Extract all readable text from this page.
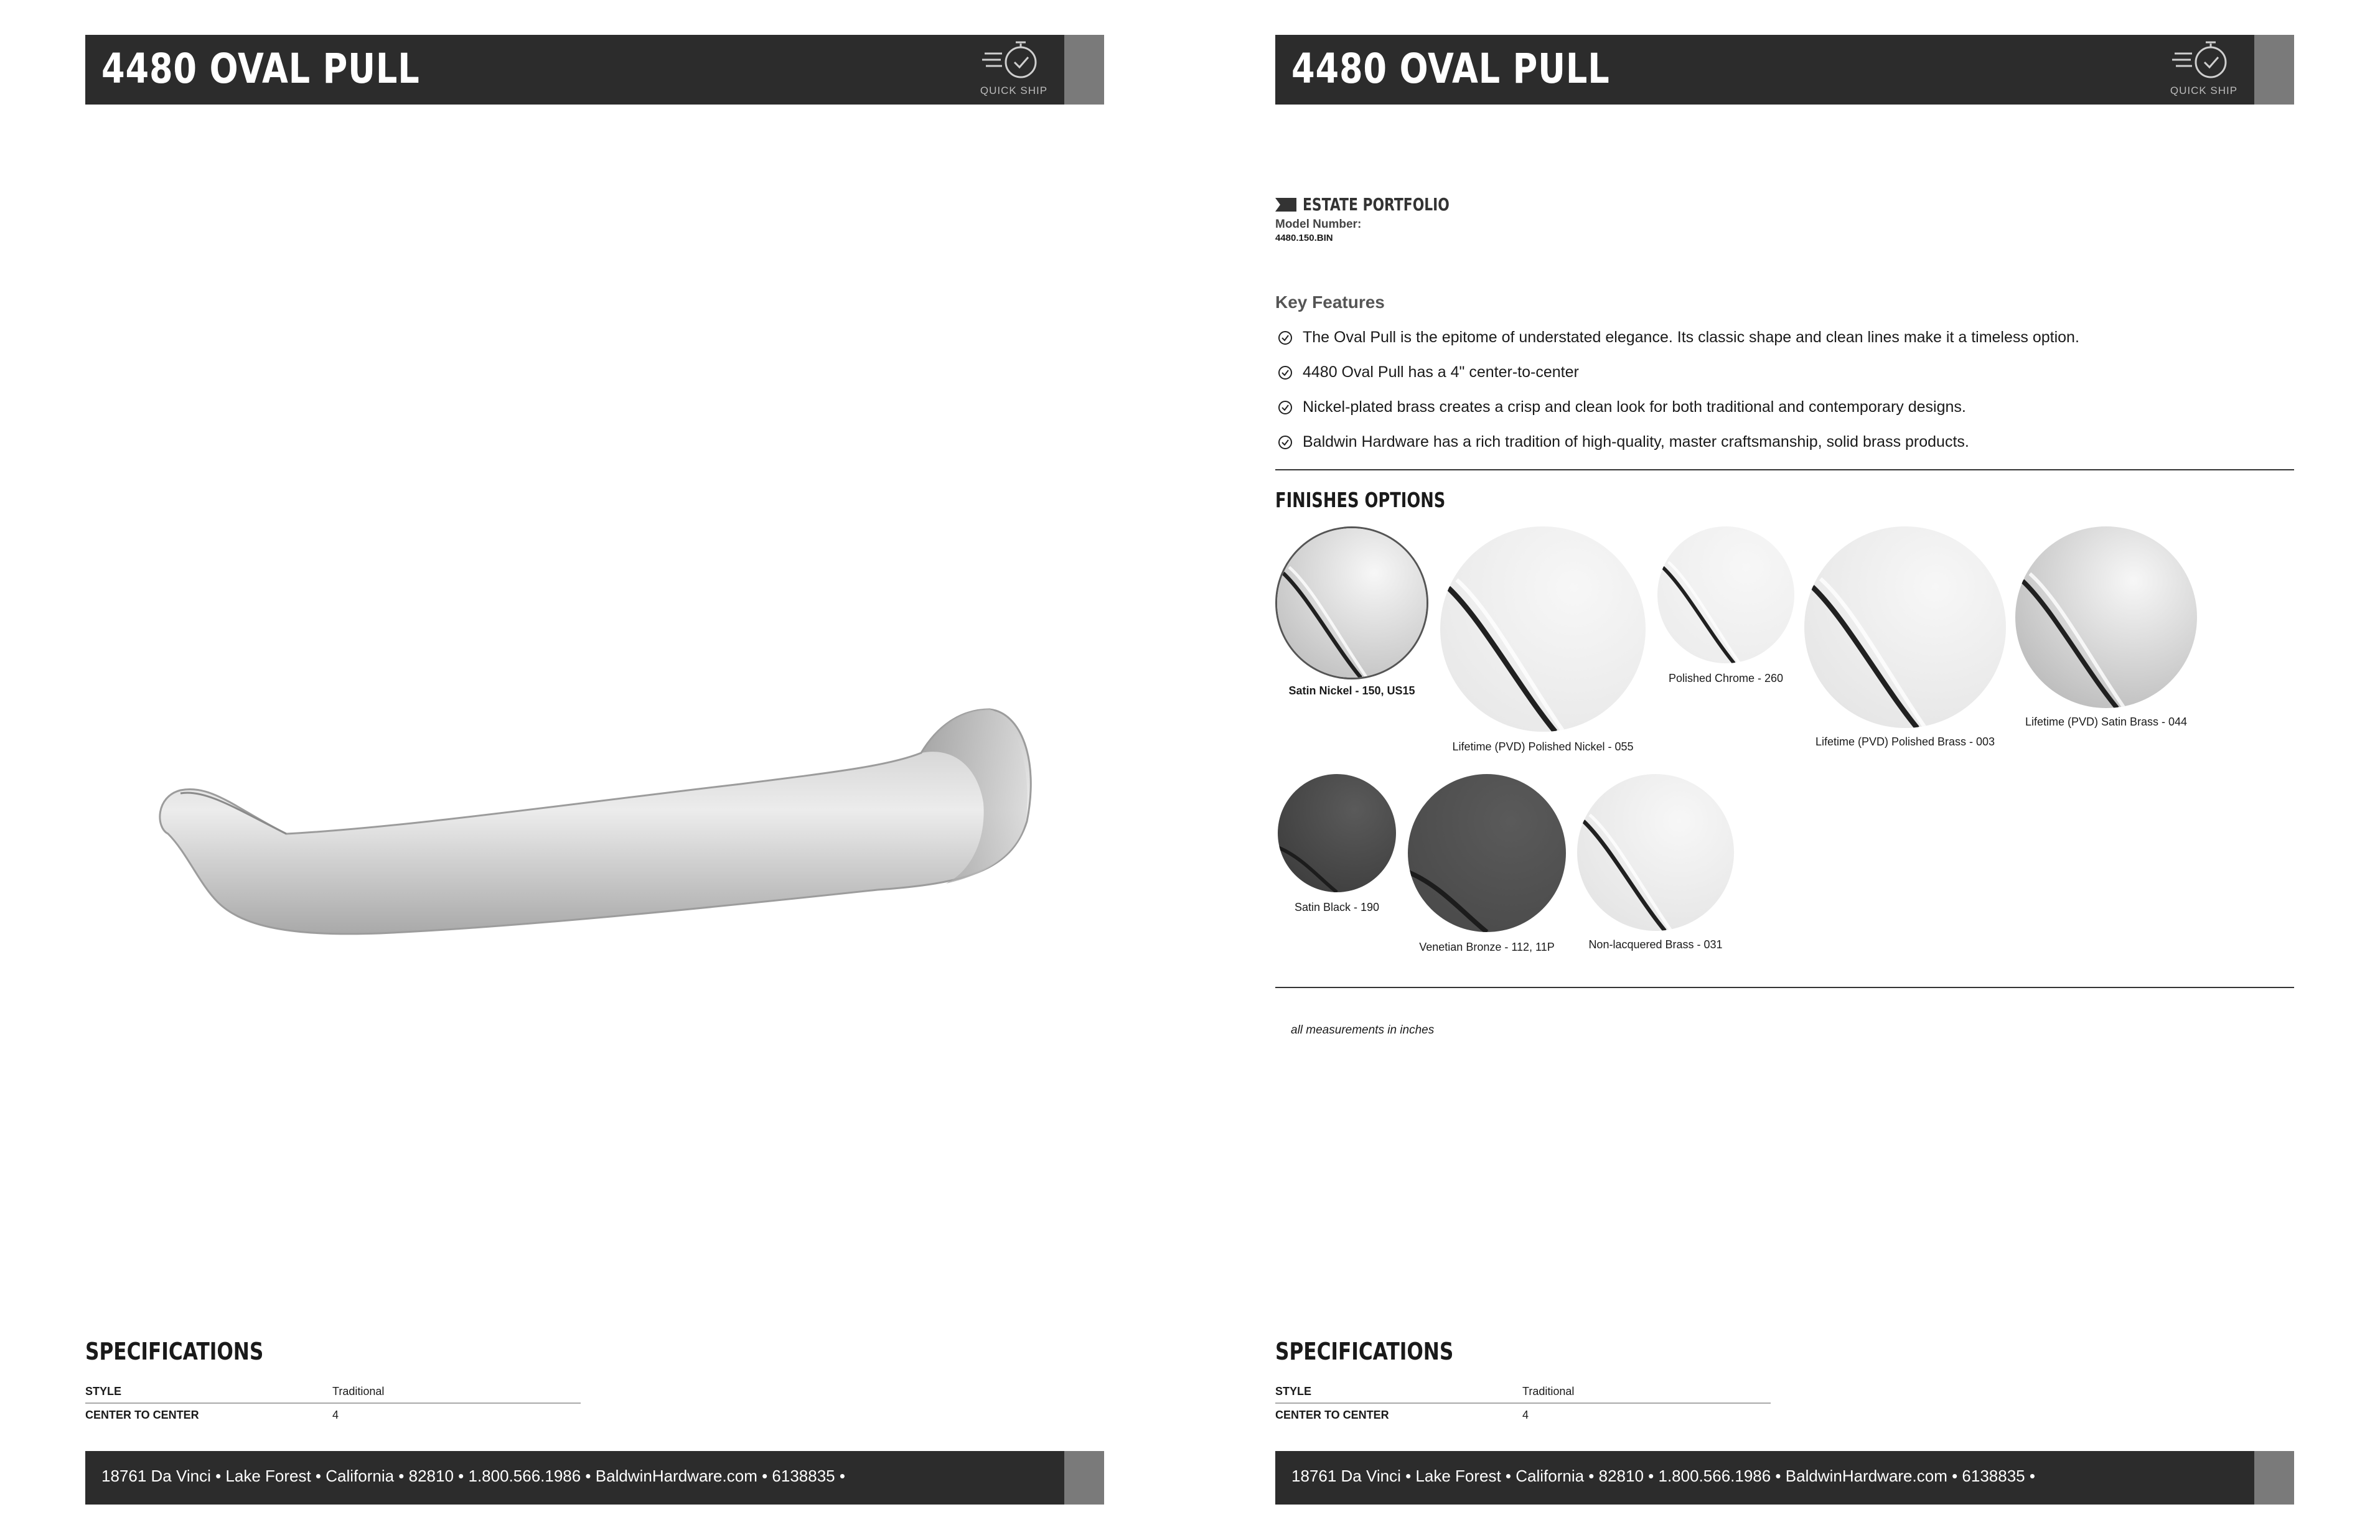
4480 OVAL PULL	QUICK SHIP
SPECIFICATIONS
STYLE	Traditional
CENTER TO CENTER	4
18761 Da Vinci • Lake Forest • California • 82810 • 1.800.566.1986 • BaldwinHardware.com • 6138835 •
4480 OVAL PULL	QUICK SHIP
ESTATE PORTFOLIO
Model Number:
4480.150.BIN
Key Features
The Oval Pull is the epitome of understated elegance. Its classic shape and clean lines make it a timeless option.
4480 Oval Pull has a 4" center-to-center
Nickel-plated brass creates a crisp and clean look for both traditional and contemporary designs.
Baldwin Hardware has a rich tradition of high-quality, master craftsmanship, solid brass products.
FINISHES OPTIONS
Satin Nickel - 150, US15
Lifetime (PVD) Polished Nickel - 055
Polished Chrome - 260
Lifetime (PVD) Polished Brass - 003
Lifetime (PVD) Satin Brass - 044
Satin Black - 190
Venetian Bronze - 112, 11P	Non-lacquered Brass - 031
all measurements in inches
SPECIFICATIONS
STYLE	Traditional
CENTER TO CENTER	4
18761 Da Vinci • Lake Forest • California • 82810 • 1.800.566.1986 • BaldwinHardware.com • 6138835 •
